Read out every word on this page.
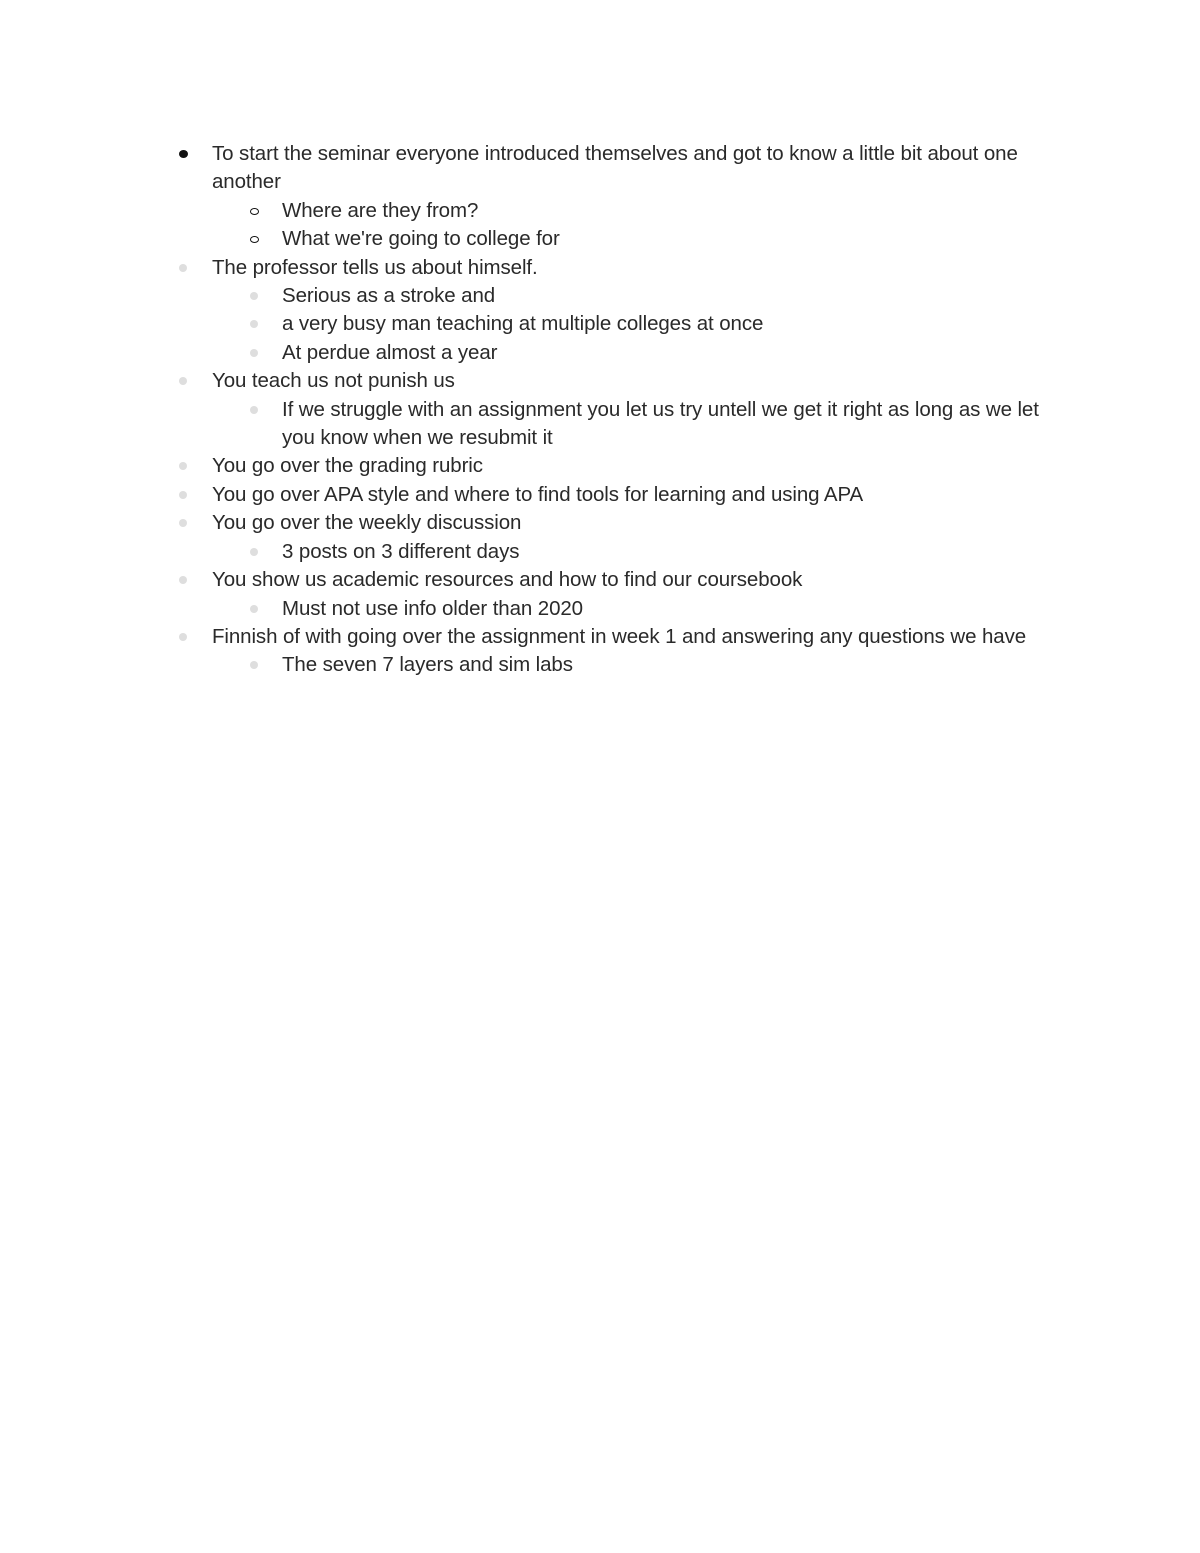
To start the seminar everyone introduced themselves and got to know a little bit about one another
Where are they from?
What we're going to college for
The professor tells us about himself.
Serious as a stroke and
a very busy man teaching at multiple colleges at once
At perdue almost a year
You teach us not punish us
If we struggle with an assignment you let us try untell we get it right as long as we let you know when we resubmit it
You go over the grading rubric
You go over APA style and where to find tools for learning and using APA
You go over the weekly discussion
3 posts on 3 different days
You show us academic resources and how to find our coursebook
Must not use info older than 2020
Finnish of with going over the assignment in week 1 and answering any questions we have
The seven 7 layers and sim labs
